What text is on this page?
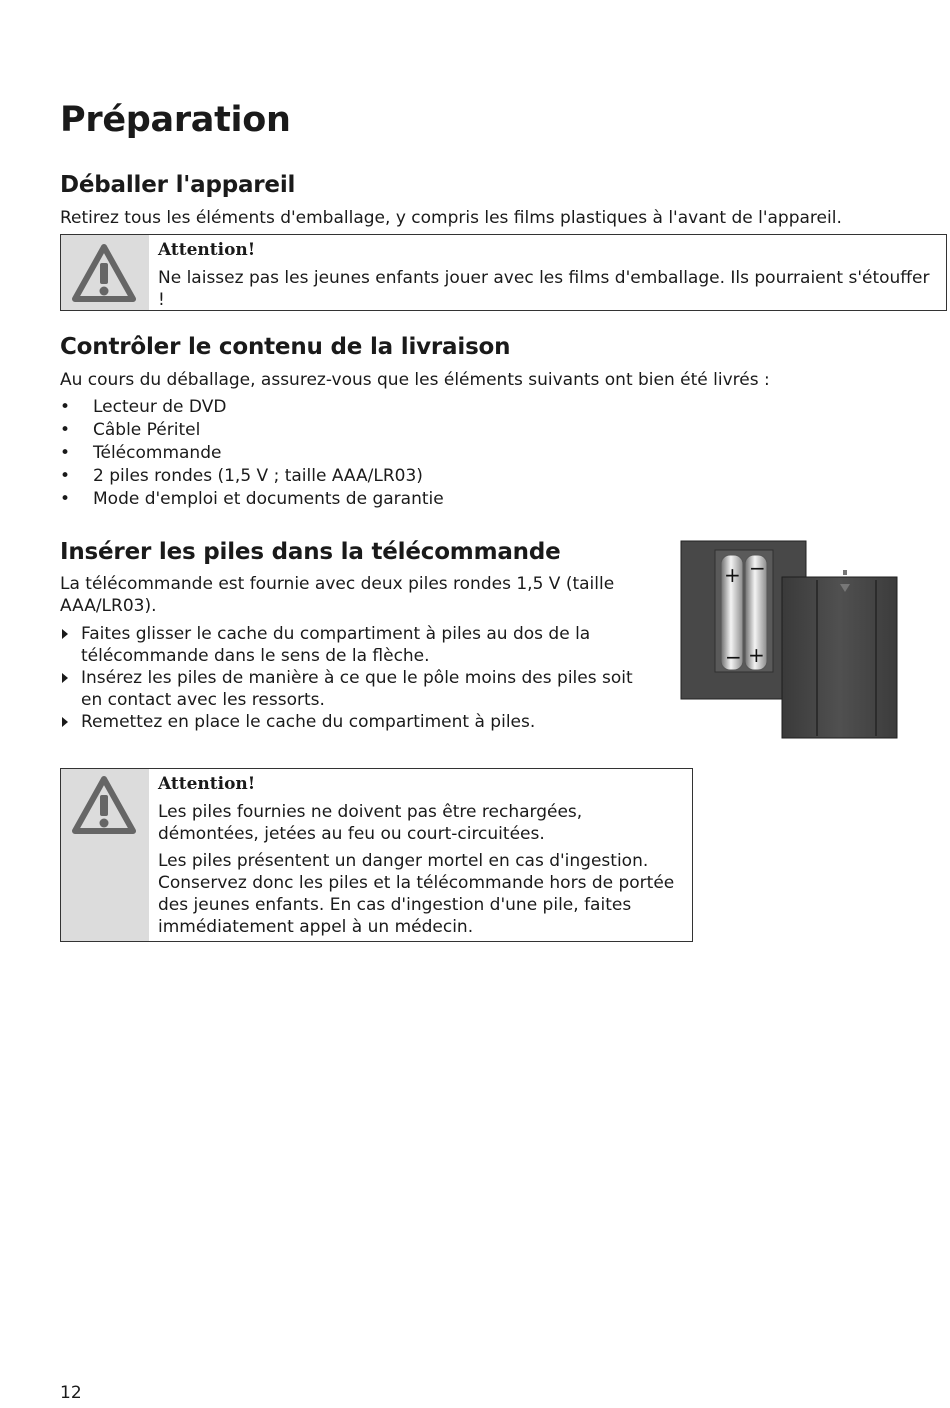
Préparation
Déballer l'appareil

Retirez tous les éléments d'emballage, y compris les films plastiques à l'avant de l'appareil.

Attention!

Ne laissez pas les jeunes enfants jouer avec les films d'emballage. Ils pourraient s'étouffer !

Contrôler le contenu de la livraison

Au cours du déballage, assurez-vous que les éléments suivants ont bien été livrés :

• Lecteur de DVD
• Câble Péritel
• Télécommande
• 2 piles rondes (1,5 V ; taille AAA/LR03)
• Mode d'emploi et documents de garantie
Insérer les piles dans la télécommande

La télécommande est fournie avec deux piles rondes 1,5 V (taille AAA/LR03).

Faites glisser le cache du compartiment à piles au dos de la télécommande dans le sens de la flèche.
Insérez les piles de manière à ce que le pôle moins des piles soit en contact avec les ressorts.
Remettez en place le cache du compartiment à piles.
+ −
− +

Attention!

Les piles fournies ne doivent pas être rechargées, démontées, jetées au feu ou court-circuitées.

Les piles présentent un danger mortel en cas d'ingestion. Conservez donc les piles et la télécommande hors de portée des jeunes enfants. En cas d'ingestion d'une pile, faites immédiatement appel à un médecin.

12
